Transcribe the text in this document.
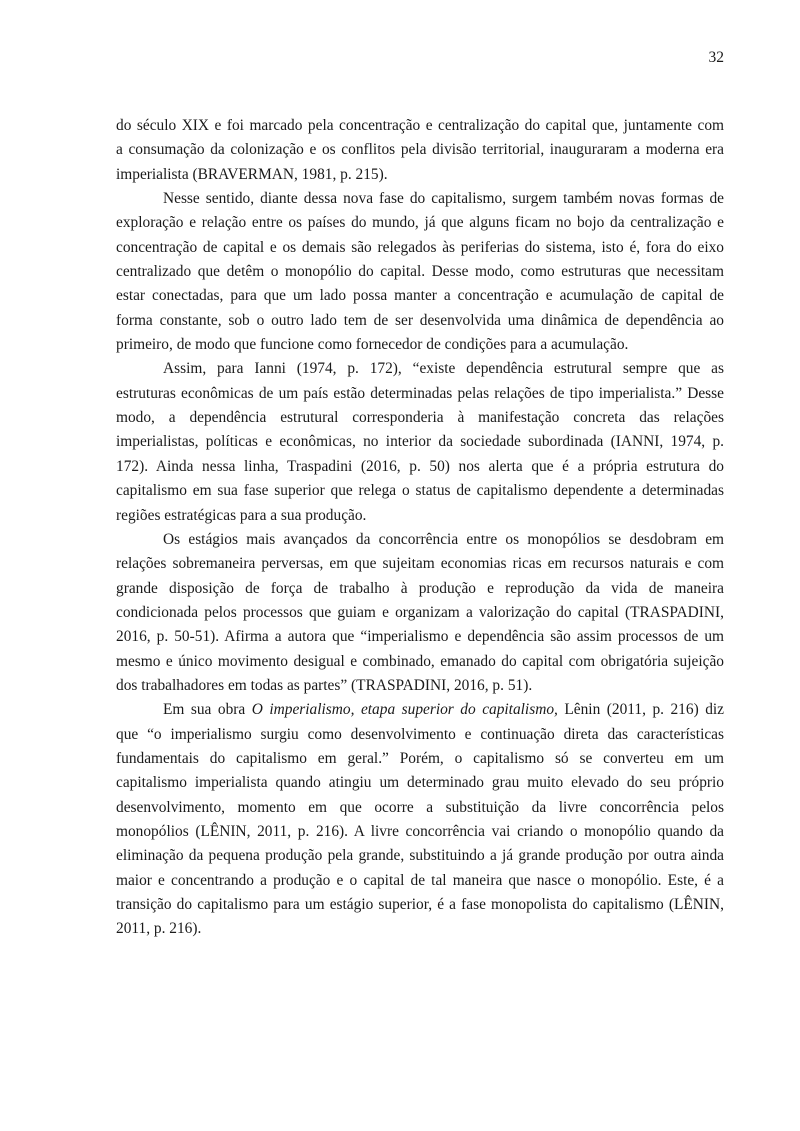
32
do século XIX e foi marcado pela concentração e centralização do capital que, juntamente com
a consumação da colonização e os conflitos pela divisão territorial, inauguraram a moderna era
imperialista (BRAVERMAN, 1981, p. 215).
Nesse sentido, diante dessa nova fase do capitalismo, surgem também novas formas de
exploração e relação entre os países do mundo, já que alguns ficam no bojo da centralização e
concentração de capital e os demais são relegados às periferias do sistema, isto é, fora do eixo
centralizado que detêm o monopólio do capital. Desse modo, como estruturas que necessitam
estar conectadas, para que um lado possa manter a concentração e acumulação de capital de
forma constante, sob o outro lado tem de ser desenvolvida uma dinâmica de dependência ao
primeiro, de modo que funcione como fornecedor de condições para a acumulação.
Assim, para Ianni (1974, p. 172), “existe dependência estrutural sempre que as
estruturas econômicas de um país estão determinadas pelas relações de tipo imperialista.” Desse
modo, a dependência estrutural corresponderia à manifestação concreta das relações
imperialistas, políticas e econômicas, no interior da sociedade subordinada (IANNI, 1974, p.
172). Ainda nessa linha, Traspadini (2016, p. 50) nos alerta que é a própria estrutura do
capitalismo em sua fase superior que relega o status de capitalismo dependente a determinadas
regiões estratégicas para a sua produção.
Os estágios mais avançados da concorrência entre os monopólios se desdobram em
relações sobremaneira perversas, em que sujeitam economias ricas em recursos naturais e com
grande disposição de força de trabalho à produção e reprodução da vida de maneira
condicionada pelos processos que guiam e organizam a valorização do capital (TRASPADINI,
2016, p. 50-51). Afirma a autora que “imperialismo e dependência são assim processos de um
mesmo e único movimento desigual e combinado, emanado do capital com obrigatória sujeição
dos trabalhadores em todas as partes” (TRASPADINI, 2016, p. 51).
Em sua obra O imperialismo, etapa superior do capitalismo, Lênin (2011, p. 216) diz
que “o imperialismo surgiu como desenvolvimento e continuação direta das características
fundamentais do capitalismo em geral.” Porém, o capitalismo só se converteu em um
capitalismo imperialista quando atingiu um determinado grau muito elevado do seu próprio
desenvolvimento, momento em que ocorre a substituição da livre concorrência pelos
monopólios (LÊNIN, 2011, p. 216). A livre concorrência vai criando o monopólio quando da
eliminação da pequena produção pela grande, substituindo a já grande produção por outra ainda
maior e concentrando a produção e o capital de tal maneira que nasce o monopólio. Este, é a
transição do capitalismo para um estágio superior, é a fase monopolista do capitalismo (LÊNIN,
2011, p. 216).
